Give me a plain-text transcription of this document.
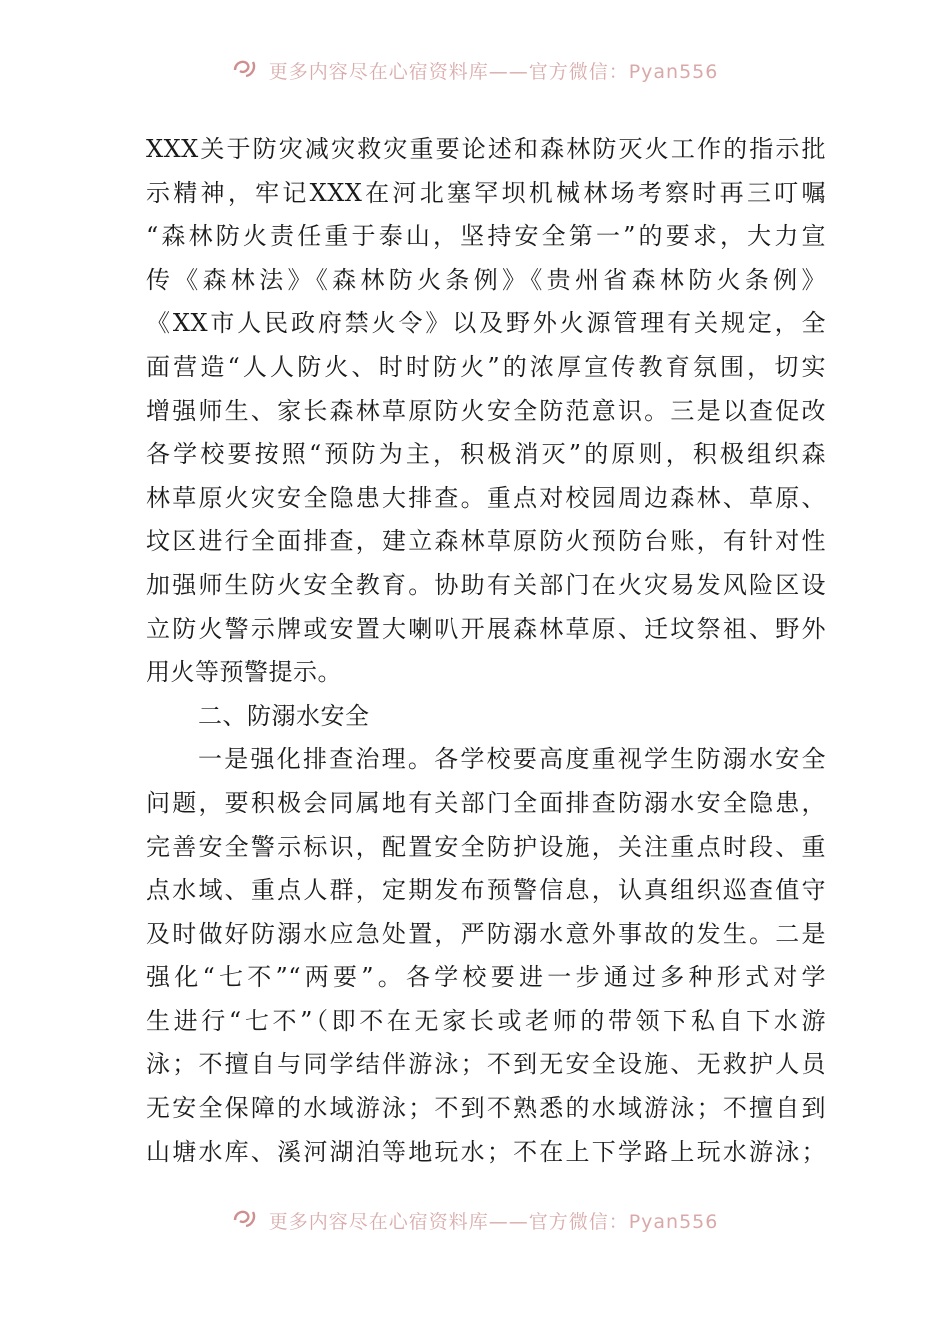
更多内容尽在心宿资料库——官方微信：Pyan556
XXX关于防灾减灾救灾重要论述和森林防灭火工作的指示批
示精神，牢记XXX在河北塞罕坝机械林场考察时再三叮嘱
“森林防火责任重于泰山，坚持安全第一”的要求，大力宣
传《森林法》《森林防火条例》《贵州省森林防火条例》
《XX市人民政府禁火令》以及野外火源管理有关规定，全
面营造“人人防火、时时防火”的浓厚宣传教育氛围，切实
增强师生、家长森林草原防火安全防范意识。三是以查促改
各学校要按照“预防为主，积极消灭”的原则，积极组织森
林草原火灾安全隐患大排查。重点对校园周边森林、草原、
坟区进行全面排查，建立森林草原防火预防台账，有针对性
加强师生防火安全教育。协助有关部门在火灾易发风险区设
立防火警示牌或安置大喇叭开展森林草原、迁坟祭祖、野外
用火等预警提示。
二、防溺水安全
一是强化排查治理。各学校要高度重视学生防溺水安全
问题，要积极会同属地有关部门全面排查防溺水安全隐患，
完善安全警示标识，配置安全防护设施，关注重点时段、重
点水域、重点人群，定期发布预警信息，认真组织巡查值守
及时做好防溺水应急处置，严防溺水意外事故的发生。二是
强化“七不”“两要”。各学校要进一步通过多种形式对学
生进行“七不”（即不在无家长或老师的带领下私自下水游
泳；不擅自与同学结伴游泳；不到无安全设施、无救护人员
无安全保障的水域游泳；不到不熟悉的水域游泳；不擅自到
山塘水库、溪河湖泊等地玩水；不在上下学路上玩水游泳；
更多内容尽在心宿资料库——官方微信：Pyan556
